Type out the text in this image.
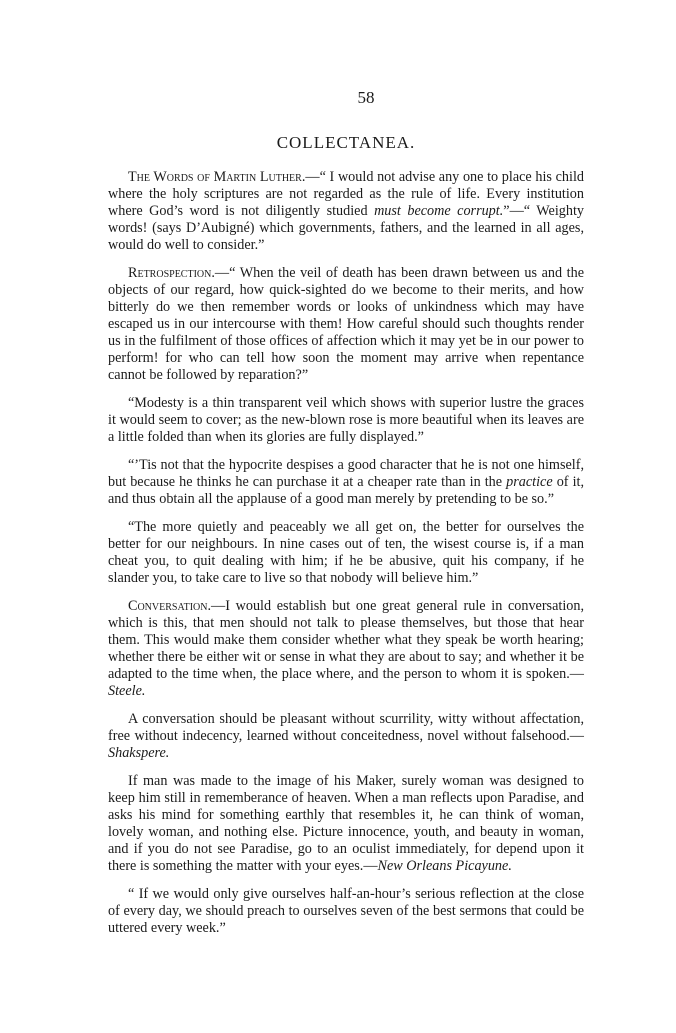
58
COLLECTANEA.

The Words of Martin Luther.—“ I would not advise any one to place his child where the holy scriptures are not regarded as the rule of life. Every institution where God’s word is not diligently studied must become corrupt.”—“ Weighty words! (says D’Aubigné) which governments, fathers, and the learned in all ages, would do well to consider.”

Retrospection.—“ When the veil of death has been drawn between us and the objects of our regard, how quick-sighted do we become to their merits, and how bitterly do we then remember words or looks of unkindness which may have escaped us in our intercourse with them! How careful should such thoughts render us in the fulfilment of those offices of affection which it may yet be in our power to perform! for who can tell how soon the moment may arrive when repentance cannot be followed by reparation?”

“Modesty is a thin transparent veil which shows with superior lustre the graces it would seem to cover; as the new-blown rose is more beautiful when its leaves are a little folded than when its glories are fully displayed.”

“’Tis not that the hypocrite despises a good character that he is not one himself, but because he thinks he can purchase it at a cheaper rate than in the practice of it, and thus obtain all the applause of a good man merely by pretending to be so.”

“The more quietly and peaceably we all get on, the better for ourselves the better for our neighbours. In nine cases out of ten, the wisest course is, if a man cheat you, to quit dealing with him; if he be abusive, quit his company, if he slander you, to take care to live so that nobody will believe him.”

Conversation.—I would establish but one great general rule in conversation, which is this, that men should not talk to please themselves, but those that hear them. This would make them consider whether what they speak be worth hearing; whether there be either wit or sense in what they are about to say; and whether it be adapted to the time when, the place where, and the person to whom it is spoken.—Steele.

A conversation should be pleasant without scurrility, witty without affectation, free without indecency, learned without conceitedness, novel without falsehood.—Shakspere.

If man was made to the image of his Maker, surely woman was designed to keep him still in rememberance of heaven. When a man reflects upon Paradise, and asks his mind for something earthly that resembles it, he can think of woman, lovely woman, and nothing else. Picture innocence, youth, and beauty in woman, and if you do not see Paradise, go to an oculist immediately, for depend upon it there is something the matter with your eyes.—New Orleans Picayune.

“ If we would only give ourselves half-an-hour’s serious reflection at the close of every day, we should preach to ourselves seven of the best sermons that could be uttered every week.”
